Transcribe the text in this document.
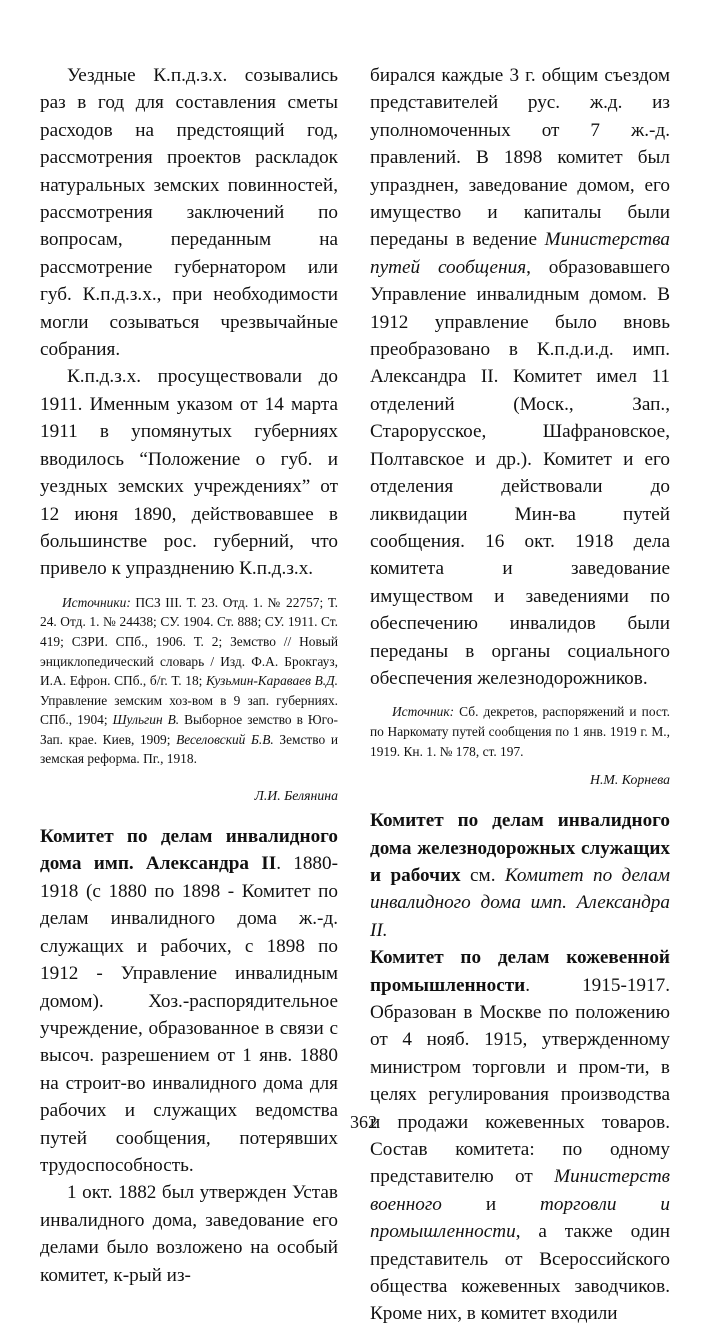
Уездные К.п.д.з.х. созывались раз в год для составления сметы расходов на предстоящий год, рассмотрения проектов раскладок натуральных земских повинностей, рассмотрения заключений по вопросам, переданным на рассмотрение губернатором или губ. К.п.д.з.х., при необходимости могли созываться чрезвычайные собрания.

К.п.д.з.х. просуществовали до 1911. Именным указом от 14 марта 1911 в упомянутых губерниях вводилось “Положение о губ. и уездных земских учреждениях” от 12 июня 1890, действовавшее в большинстве рос. губерний, что привело к упразднению К.п.д.з.х.

Источники: ПСЗ III. Т. 23. Отд. 1. № 22757; Т. 24. Отд. 1. № 24438; СУ. 1904. Ст. 888; СУ. 1911. Ст. 419; СЗРИ. СПб., 1906. Т. 2; Земство // Новый энциклопедический словарь / Изд. Ф.А. Брокгауз, И.А. Ефрон. СПб., б/г. Т. 18; Кузьмин-Караваев В.Д. Управление земским хоз-вом в 9 зап. губерниях. СПб., 1904; Шульгин В. Выборное земство в Юго-Зап. крае. Киев, 1909; Веселовский Б.В. Земство и земская реформа. Пг., 1918.

Л.И. Белянина

Комитет по делам инвалидного дома имп. Александра II. 1880-1918 (с 1880 по 1898 - Комитет по делам инвалидного дома ж.-д. служащих и рабочих, с 1898 по 1912 - Управление инвалидным домом). Хоз.-распорядительное учреждение, образованное в связи с высоч. разрешением от 1 янв. 1880 на строит-во инвалидного дома для рабочих и служащих ведомства путей сообщения, потерявших трудоспособность.

1 окт. 1882 был утвержден Устав инвалидного дома, заведование его делами было возложено на особый комитет, к-рый из-

бирался каждые 3 г. общим съездом представителей рус. ж.д. из уполномоченных от 7 ж.-д. правлений. В 1898 комитет был упразднен, заведование домом, его имущество и капиталы были переданы в ведение Министерства путей сообщения, образовавшего Управление инвалидным домом. В 1912 управление было вновь преобразовано в К.п.д.и.д. имп. Александра II. Комитет имел 11 отделений (Моск., Зап., Старорусское, Шафрановское, Полтавское и др.). Комитет и его отделения действовали до ликвидации Мин-ва путей сообщения. 16 окт. 1918 дела комитета и заведование имуществом и заведениями по обеспечению инвалидов были переданы в органы социального обеспечения железнодорожников.

Источник: Сб. декретов, распоряжений и пост. по Наркомату путей сообщения по 1 янв. 1919 г. М., 1919. Кн. 1. № 178, ст. 197.

Н.М. Корнева

Комитет по делам инвалидного дома железнодорожных служащих и рабочих см. Комитет по делам инвалидного дома имп. Александра II.

Комитет по делам кожевенной промышленности. 1915-1917. Образован в Москве по положению от 4 нояб. 1915, утвержденному министром торговли и пром-ти, в целях регулирования производства и продажи кожевенных товаров. Состав комитета: по одному представителю от Министерств военного и торговли и промышленности, а также один представитель от Всероссийского общества кожевенных заводчиков. Кроме них, в комитет входили

362
